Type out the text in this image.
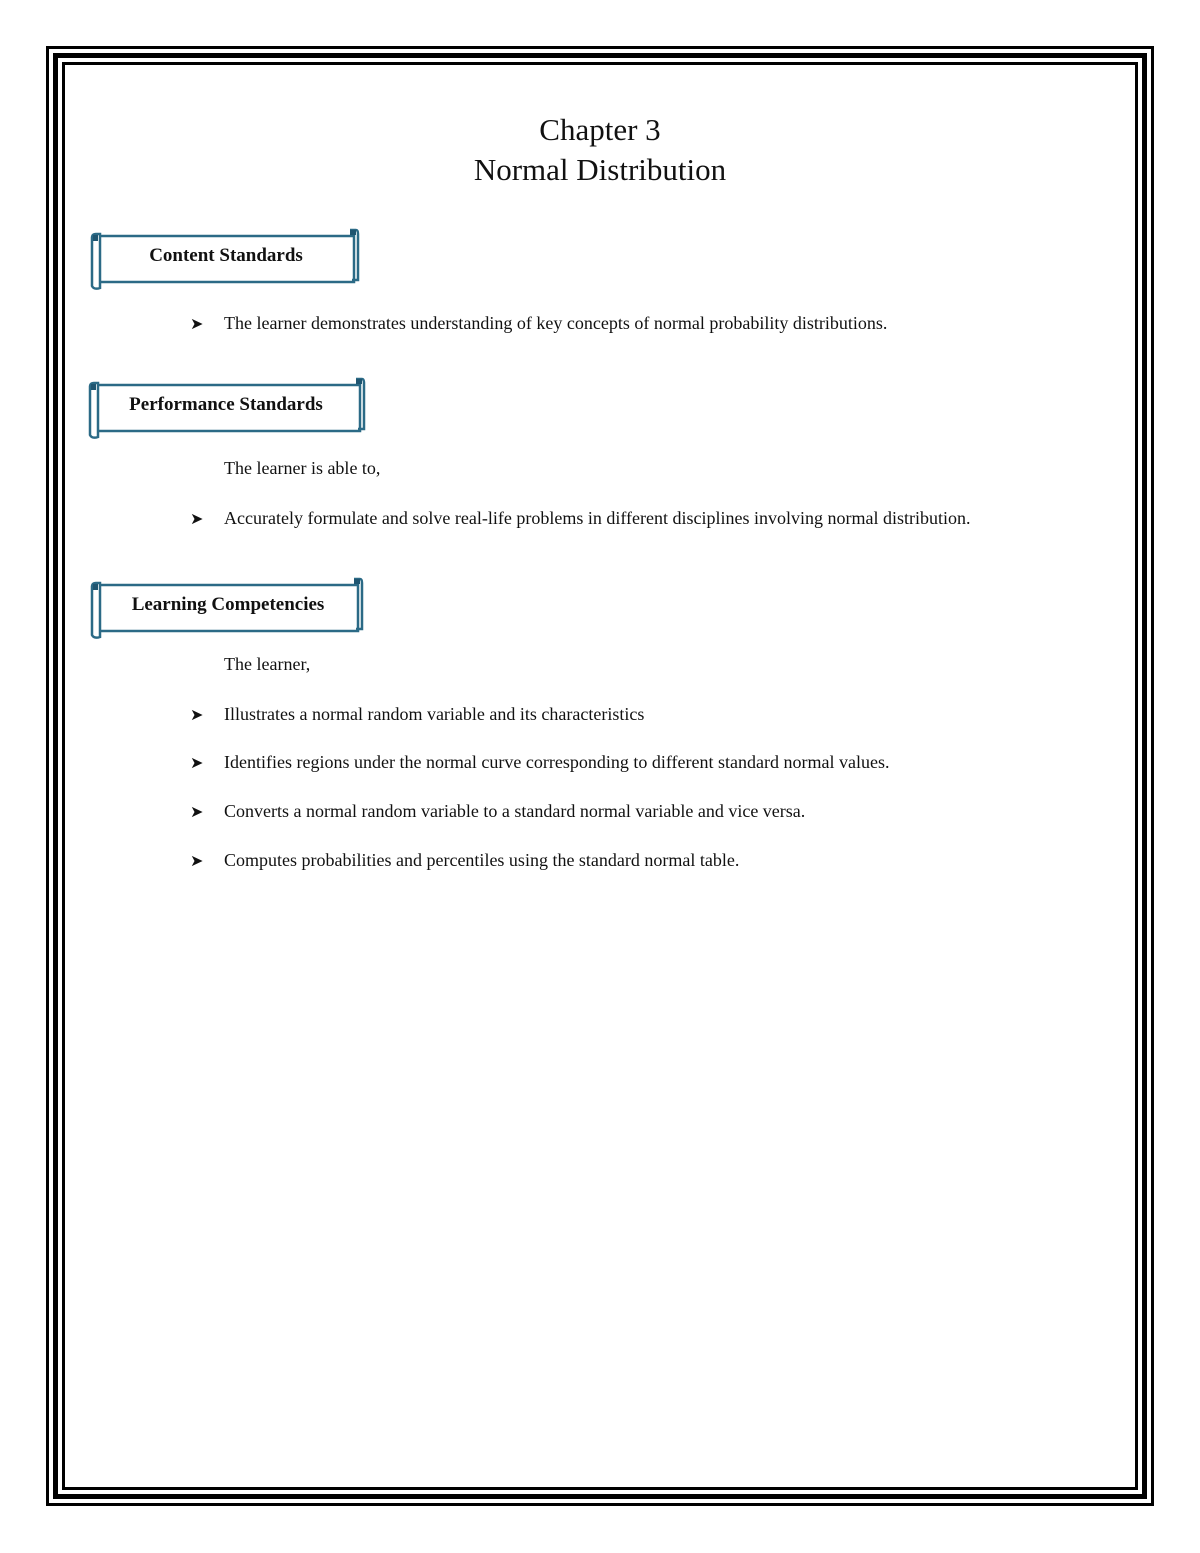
Chapter 3
Normal Distribution
Content Standards
➤ The learner demonstrates understanding of key concepts of normal probability distributions.
Performance Standards
The learner is able to,
➤ Accurately formulate and solve real-life problems in different disciplines involving normal distribution.
Learning Competencies
The learner,
➤ Illustrates a normal random variable and its characteristics
➤ Identifies regions under the normal curve corresponding to different standard normal values.
➤ Converts a normal random variable to a standard normal variable and vice versa.
➤ Computes probabilities and percentiles using the standard normal table.
